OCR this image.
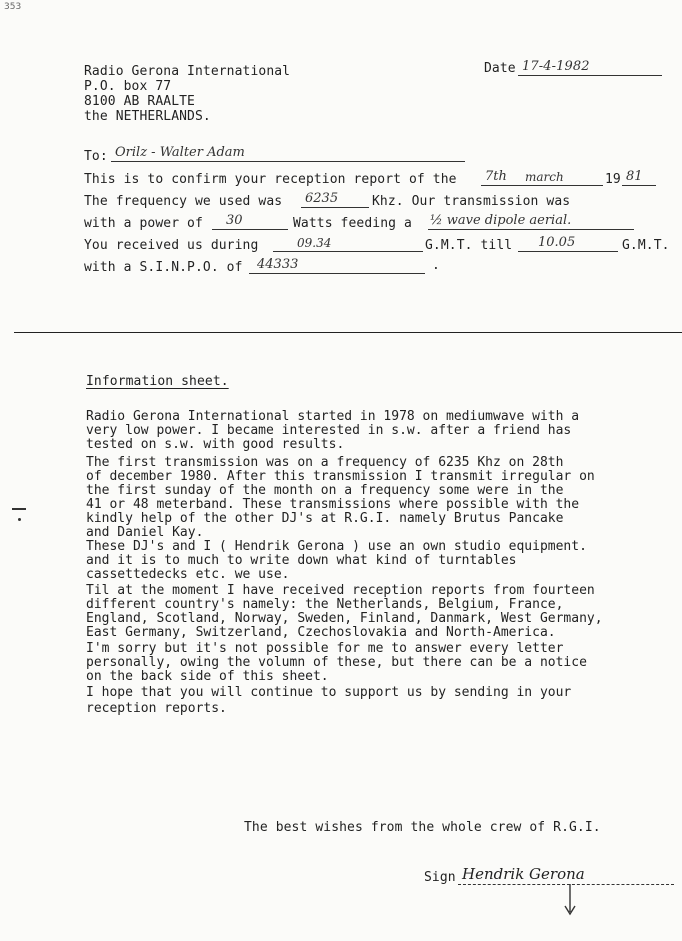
353
Radio Gerona International
P.O. box 77
8100 AB RAALTE
the NETHERLANDS.
Date 17-4-1982
To: Orilz - Walter Adam
This is to confirm your reception report of the 7th march	19 81
The frequency we used was 6235	Khz. Our transmission was
with a power of 30	Watts feeding a ½ wave dipole aerial.
You received us during	09.34	G.M.T. till 10.05	G.M.T.
with a S.I.N.P.O. of 44333	.
Information sheet.
Radio Gerona International started in 1978 on mediumwave with a
very low power. I became interested in s.w. after a friend has
tested on s.w. with good results.
The first transmission was on a frequency of 6235 Khz on 28th
of december 1980. After this transmission I transmit irregular on
the first sunday of the month on a frequency some were in the
41 or 48 meterband. These transmissions where possible with the
kindly help of the other DJ's at R.G.I. namely Brutus Pancake
and Daniel Kay.
These DJ's and I ( Hendrik Gerona ) use an own studio equipment.
and it is to much to write down what kind of turntables
cassettedecks etc. we use.
Til at the moment I have received reception reports from fourteen
different country's namely: the Netherlands, Belgium, France,
England, Scotland, Norway, Sweden, Finland, Danmark, West Germany,
East Germany, Switzerland, Czechoslovakia and North-America.
I'm sorry but it's not possible for me to answer every letter
personally, owing the volumn of these, but there can be a notice
on the back side of this sheet.
I hope that you will continue to support us by sending in your
reception reports.
The best wishes from the whole crew of R.G.I.
Sign Hendrik Gerona
